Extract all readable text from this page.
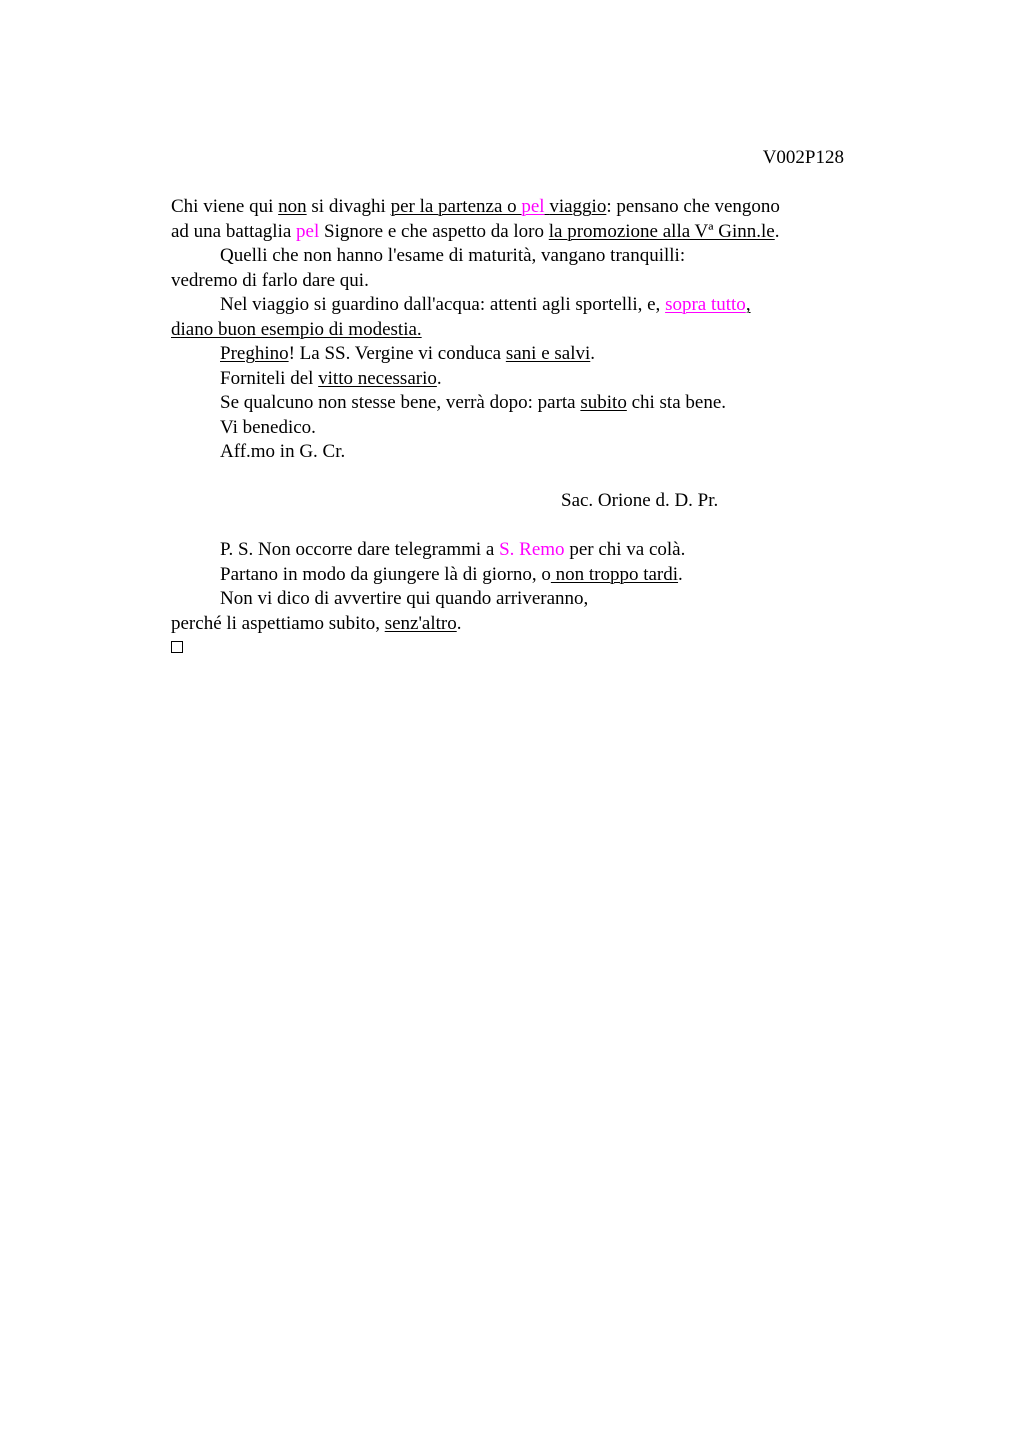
V002P128
Chi viene qui non si divaghi per la partenza o pel viaggio: pensano che vengono
ad una battaglia pel Signore e che aspetto da loro la promozione alla Vª Ginn.le.
Quelli che non hanno l'esame di maturità, vangano tranquilli:
vedremo di farlo dare qui.
Nel viaggio si guardino dall'acqua: attenti agli sportelli, e, sopra tutto,
diano buon esempio di modestia.
Preghino! La SS. Vergine vi conduca sani e salvi.
Forniteli del vitto necessario.
Se qualcuno non stesse bene, verrà dopo: parta subito chi sta bene.
Vi benedico.
Aff.mo in G. Cr.
Sac. Orione d. D. Pr.
P. S. Non occorre dare telegrammi a S. Remo per chi va colà.
Partano in modo da giungere là di giorno, o non troppo tardi.
Non vi dico di avvertire qui quando arriveranno,
perché li aspettiamo subito, senz'altro.
